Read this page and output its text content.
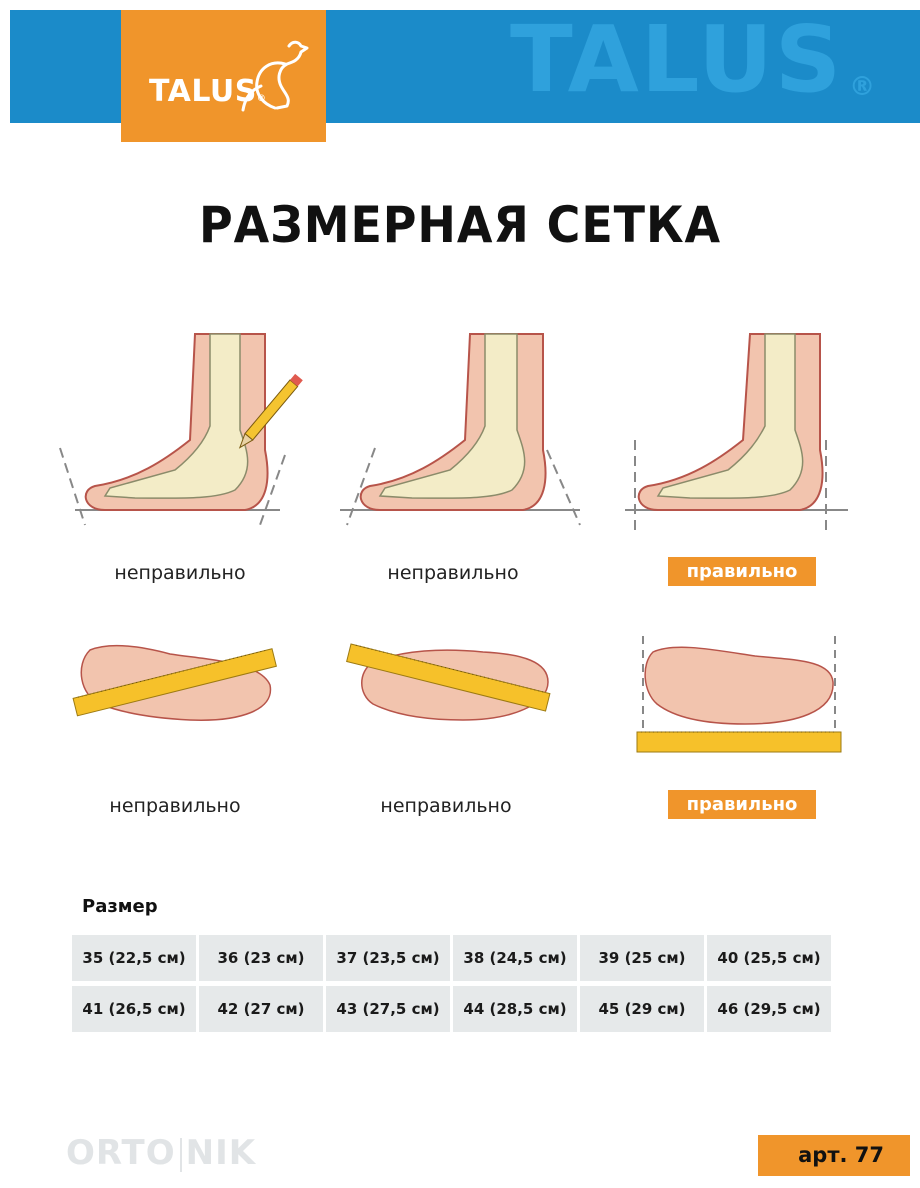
TALUS ®
TALUS®
РАЗМЕРНАЯ СЕТКА
неправильно	неправильно	правильно
неправильно	неправильно	правильно
Размер
35 (22,5 см)	36 (23 см)	37 (23,5 см)	38 (24,5 см)	39 (25 см)	40 (25,5 см)
41 (26,5 см)	42 (27 см)	43 (27,5 см)	44 (28,5 см)	45 (29 см)	46 (29,5 см)
ORTO NIK	арт. 77
